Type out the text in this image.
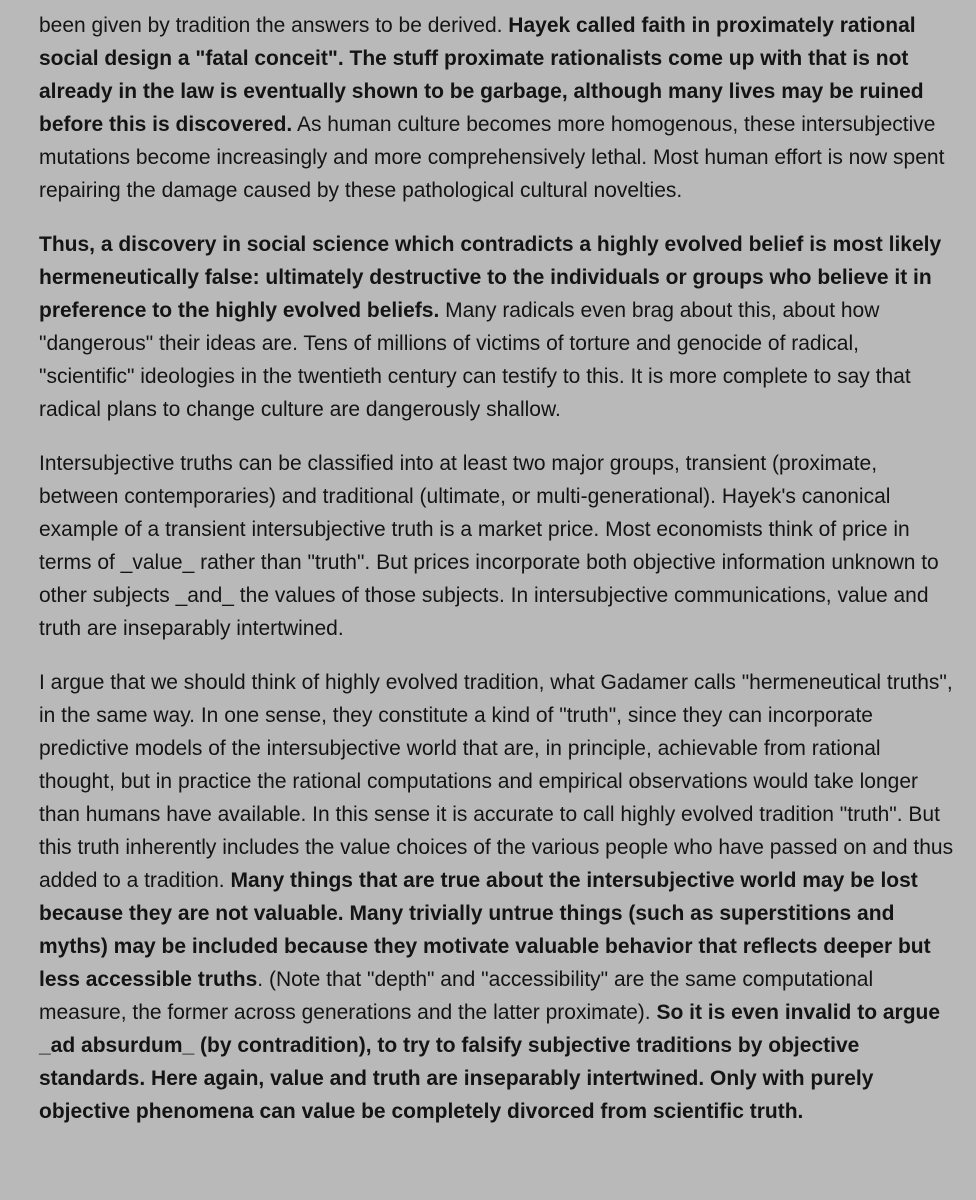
been given by tradition the answers to be derived. Hayek called faith in proximately rational social design a "fatal conceit". The stuff proximate rationalists come up with that is not already in the law is eventually shown to be garbage, although many lives may be ruined before this is discovered. As human culture becomes more homogenous, these intersubjective mutations become increasingly and more comprehensively lethal. Most human effort is now spent repairing the damage caused by these pathological cultural novelties.

Thus, a discovery in social science which contradicts a highly evolved belief is most likely hermeneutically false: ultimately destructive to the individuals or groups who believe it in preference to the highly evolved beliefs. Many radicals even brag about this, about how "dangerous" their ideas are. Tens of millions of victims of torture and genocide of radical, "scientific" ideologies in the twentieth century can testify to this. It is more complete to say that radical plans to change culture are dangerously shallow.

Intersubjective truths can be classified into at least two major groups, transient (proximate, between contemporaries) and traditional (ultimate, or multi-generational). Hayek's canonical example of a transient intersubjective truth is a market price. Most economists think of price in terms of _value_ rather than "truth". But prices incorporate both objective information unknown to other subjects _and_ the values of those subjects. In intersubjective communications, value and truth are inseparably intertwined.

I argue that we should think of highly evolved tradition, what Gadamer calls "hermeneutical truths", in the same way. In one sense, they constitute a kind of "truth", since they can incorporate predictive models of the intersubjective world that are, in principle, achievable from rational thought, but in practice the rational computations and empirical observations would take longer than humans have available. In this sense it is accurate to call highly evolved tradition "truth". But this truth inherently includes the value choices of the various people who have passed on and thus added to a tradition. Many things that are true about the intersubjective world may be lost because they are not valuable. Many trivially untrue things (such as superstitions and myths) may be included because they motivate valuable behavior that reflects deeper but less accessible truths. (Note that "depth" and "accessibility" are the same computational measure, the former across generations and the latter proximate). So it is even invalid to argue _ad absurdum_ (by contradition), to try to falsify subjective traditions by objective standards. Here again, value and truth are inseparably intertwined. Only with purely objective phenomena can value be completely divorced from scientific truth.
